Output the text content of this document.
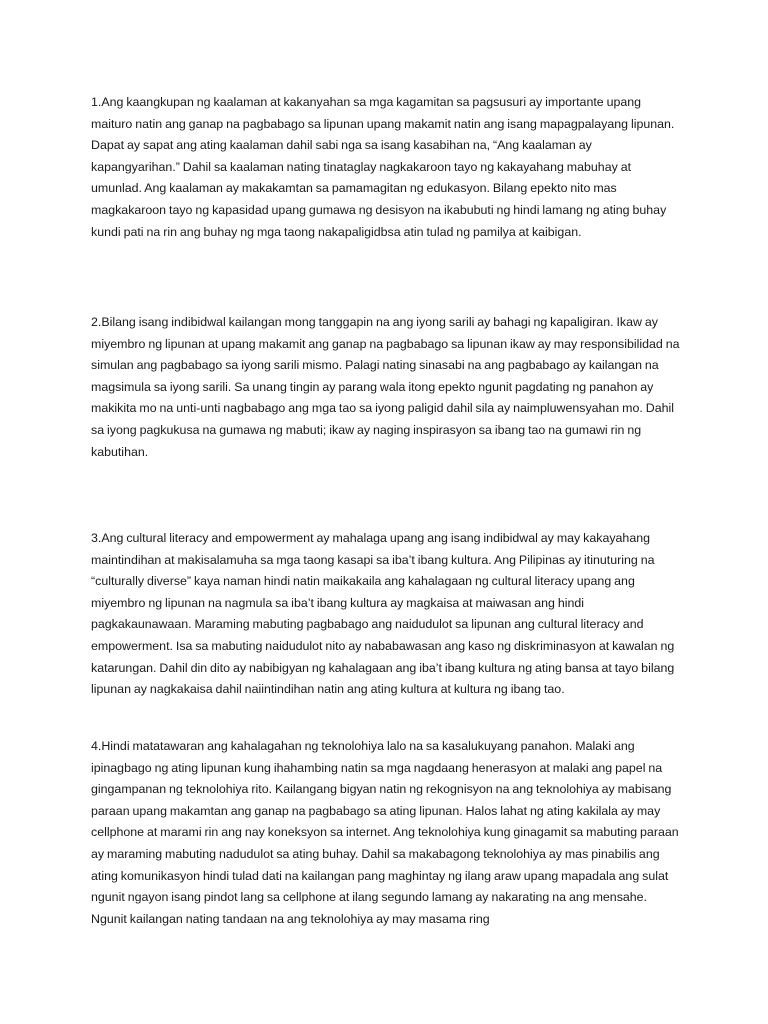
1.Ang kaangkupan ng kaalaman at kakanyahan sa mga kagamitan sa pagsusuri ay importante upang maituro natin ang ganap na pagbabago sa lipunan upang makamit natin ang isang mapagpalayang lipunan. Dapat ay sapat ang ating kaalaman dahil sabi nga sa isang kasabihan na, “Ang kaalaman ay kapangyarihan.” Dahil sa kaalaman nating tinataglay nagkakaroon tayo ng kakayahang mabuhay at umunlad. Ang kaalaman ay makakamtan sa pamamagitan ng edukasyon. Bilang epekto nito mas magkakaroon tayo ng kapasidad upang gumawa ng desisyon na ikabubuti ng hindi lamang ng ating buhay kundi pati na rin ang buhay ng mga taong nakapaligidbsa atin tulad ng pamilya at kaibigan.

2.Bilang isang indibidwal kailangan mong tanggapin na ang iyong sarili ay bahagi ng kapaligiran. Ikaw ay miyembro ng lipunan at upang makamit ang ganap na pagbabago sa lipunan ikaw ay may responsibilidad na simulan ang pagbabago sa iyong sarili mismo. Palagi nating sinasabi na ang pagbabago ay kailangan na magsimula sa iyong sarili. Sa unang tingin ay parang wala itong epekto ngunit pagdating ng panahon ay makikita mo na unti-unti nagbabago ang mga tao sa iyong paligid dahil sila ay naimpluwensyahan mo. Dahil sa iyong pagkukusa na gumawa ng mabuti; ikaw ay naging inspirasyon sa ibang tao na gumawi rin ng kabutihan.

3.Ang cultural literacy and empowerment ay mahalaga upang ang isang indibidwal ay may kakayahang maintindihan at makisalamuha sa mga taong kasapi sa iba’t ibang kultura. Ang Pilipinas ay itinuturing na “culturally diverse” kaya naman hindi natin maikakaila ang kahalagaan ng cultural literacy upang ang miyembro ng lipunan na nagmula sa iba’t ibang kultura ay magkaisa at maiwasan ang hindi pagkakaunawaan. Maraming mabuting pagbabago ang naidudulot sa lipunan ang cultural literacy and empowerment. Isa sa mabuting naidudulot nito ay nababawasan ang kaso ng diskriminasyon at kawalan ng katarungan. Dahil din dito ay nabibigyan ng kahalagaan ang iba’t ibang kultura ng ating bansa at tayo bilang lipunan ay nagkakaisa dahil naiintindihan natin ang ating kultura at kultura ng ibang tao.

4.Hindi matatawaran ang kahalagahan ng teknolohiya lalo na sa kasalukuyang panahon. Malaki ang ipinagbago ng ating lipunan kung ihahambing natin sa mga nagdaang henerasyon at malaki ang papel na gingampanan ng teknolohiya rito. Kailangang bigyan natin ng rekognisyon na ang teknolohiya ay mabisang paraan upang makamtan ang ganap na pagbabago sa ating lipunan. Halos lahat ng ating kakilala ay may cellphone at marami rin ang nay koneksyon sa internet. Ang teknolohiya kung ginagamit sa mabuting paraan ay maraming mabuting nadudulot sa ating buhay. Dahil sa makabagong teknolohiya ay mas pinabilis ang ating komunikasyon hindi tulad dati na kailangan pang maghintay ng ilang araw upang mapadala ang sulat ngunit ngayon isang pindot lang sa cellphone at ilang segundo lamang ay nakarating na ang mensahe. Ngunit kailangan nating tandaan na ang teknolohiya ay may masama ring
